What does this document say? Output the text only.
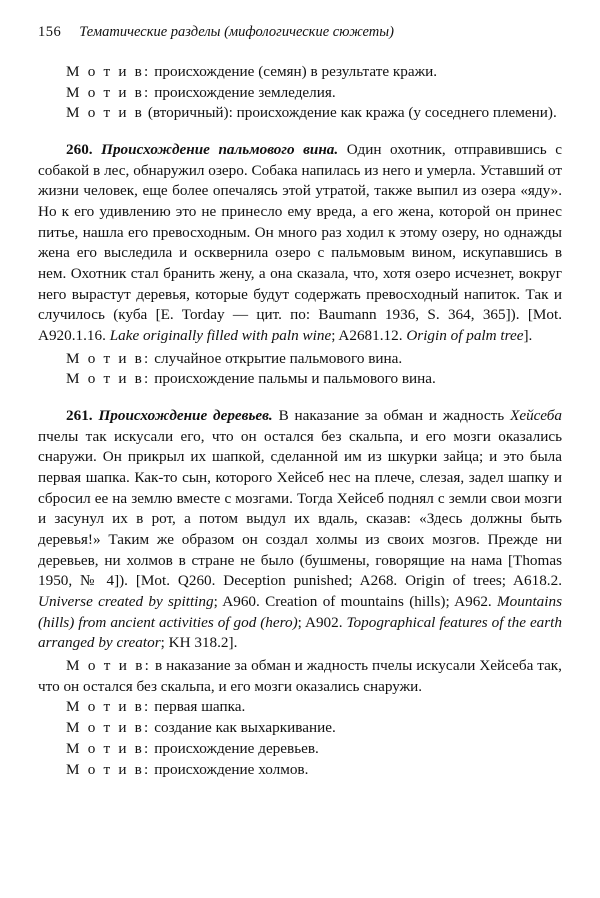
156 Тематические разделы (мифологические сюжеты)

М о т и в: происхождение (семян) в результате кражи.

М о т и в: происхождение земледелия.

М о т и в (вторичный): происхождение как кража (у соседнего племени).

260. Происхождение пальмового вина. Один охотник, отправившись с собакой в лес, обнаружил озеро. Собака напилась из него и умерла. Уставший от жизни человек, еще более опечалясь этой утратой, также выпил из озера «яду». Но к его удивлению это не принесло ему вреда, а его жена, которой он принес питье, нашла его превосходным. Он много раз ходил к этому озеру, но однажды жена его выследила и осквернила озеро с пальмовым вином, искупавшись в нем. Охотник стал бранить жену, а она сказала, что, хотя озеро исчезнет, вокруг него вырастут деревья, которые будут содержать превосходный напиток. Так и случилось (куба [E. Torday — цит. по: Baumann 1936, S. 364, 365]). [Mot. A920.1.16. Lake originally filled with paln wine; A2681.12. Origin of palm tree].

М о т и в: случайное открытие пальмового вина.

М о т и в: происхождение пальмы и пальмового вина.

261. Происхождение деревьев. В наказание за обман и жадность Хейсеба пчелы так искусали его, что он остался без скальпа, и его мозги оказались снаружи. Он прикрыл их шапкой, сделанной им из шкурки зайца; и это была первая шапка. Как-то сын, которого Хейсеб нес на плече, слезая, задел шапку и сбросил ее на землю вместе с мозгами. Тогда Хейсеб поднял с земли свои мозги и засунул их в рот, а потом выдул их вдаль, сказав: «Здесь должны быть деревья!» Таким же образом он создал холмы из своих мозгов. Прежде ни деревьев, ни холмов в стране не было (бушмены, говорящие на нама [Thomas 1950, № 4]). [Mot. Q260. Deception punished; A268. Origin of trees; A618.2. Universe created by spitting; A960. Creation of mountains (hills); A962. Mountains (hills) from ancient activities of god (hero); A902. Topographical features of the earth arranged by creator; KH 318.2].

М о т и в: в наказание за обман и жадность пчелы искусали Хейсеба так, что он остался без скальпа, и его мозги оказались снаружи.

М о т и в: первая шапка.

М о т и в: создание как выхаркивание.

М о т и в: происхождение деревьев.

М о т и в: происхождение холмов.
